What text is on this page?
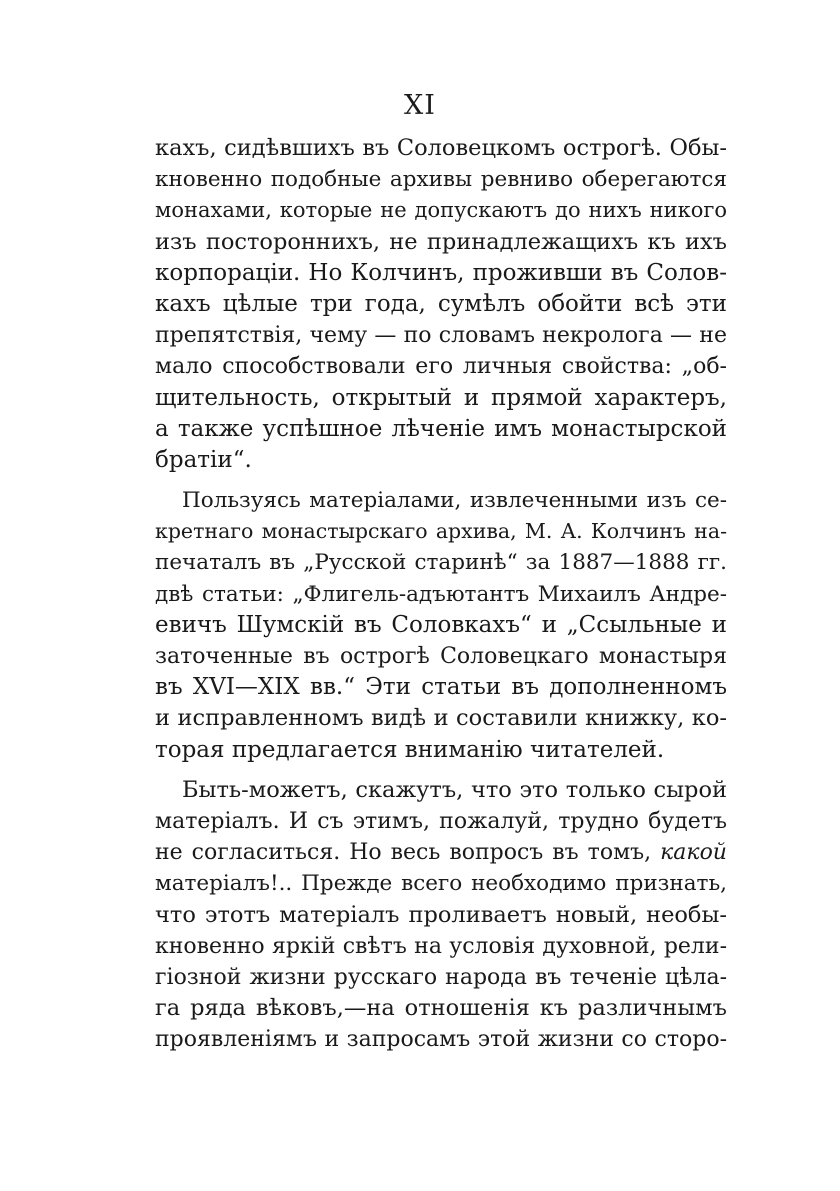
XI
кахъ, сидѣвшихъ въ Соловецкомъ острогѣ. Обы-
кновенно подобные архивы ревниво оберегаются
монахами, которые не допускаютъ до нихъ никого
изъ постороннихъ, не принадлежащихъ къ ихъ
корпораціи. Но Колчинъ, проживши въ Солов-
кахъ цѣлые три года, сумѣлъ обойти всѣ эти
препятствія, чему — по словамъ некролога — не
мало способствовали его личныя свойства: „об-
щительность, открытый и прямой характеръ,
а также успѣшное лѣченіе имъ монастырской
братіи“.
Пользуясь матеріалами, извлеченными изъ се-
кретнаго монастырскаго архива, М. А. Колчинъ на-
печаталъ въ „Русской старинѣ“ за 1887—1888 гг.
двѣ статьи: „Флигель-адъютантъ Михаилъ Андре-
евичъ Шумскій въ Соловкахъ“ и „Ссыльные и
заточенные въ острогѣ Соловецкаго монастыря
въ XVI—XIX вв.“ Эти статьи въ дополненномъ
и исправленномъ видѣ и составили книжку, ко-
торая предлагается вниманію читателей.
Быть-можетъ, скажутъ, что это только сырой
матеріалъ. И съ этимъ, пожалуй, трудно будетъ
не согласиться. Но весь вопросъ въ томъ, какой
матеріалъ!.. Прежде всего необходимо признать,
что этотъ матеріалъ проливаетъ новый, необы-
кновенно яркій свѣтъ на условія духовной, рели-
гіозной жизни русскаго народа въ теченіе цѣла-
га ряда вѣковъ,—на отношенія къ различнымъ
проявленіямъ и запросамъ этой жизни со сторо-
